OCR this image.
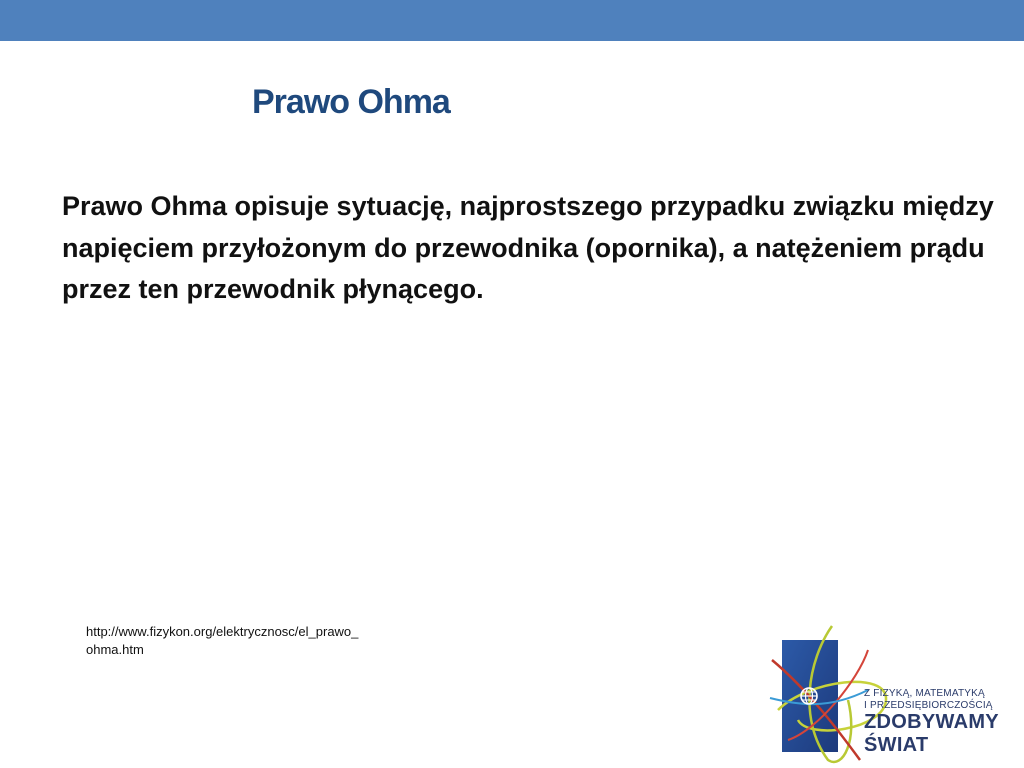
Prawo Ohma

Prawo Ohma opisuje sytuację, najprostszego przypadku związku między napięciem przyłożonym do przewodnika (opornika), a natężeniem prądu przez ten przewodnik płynącego.

http://www.fizykon.org/elektrycznosc/el_prawo_
ohma.htm
Z FIZYKĄ, MATEMATYKĄ
I PRZEDSIĘBIORCZOŚCIĄ
ZDOBYWAMY
ŚWIAT
